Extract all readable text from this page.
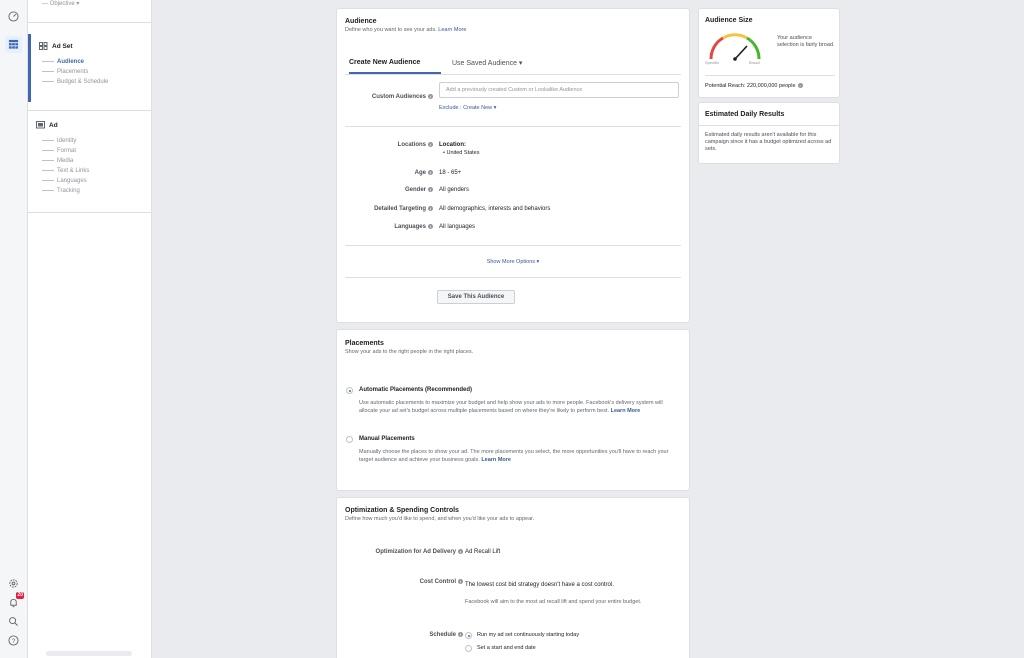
20
?
— Objective ▾
Ad Set
Audience
Placements
Budget & Schedule
Ad
Identity
Format
Media
Text & Links
Languages
Tracking
Audience
Define who you want to see your ads. Learn More
Create New Audience	Use Saved Audience ▾
Custom Audiences i
Add a previously created Custom or Lookalike Audience
Exclude | Create New ▾
Locations i	Location:
• United States
Age i	18 - 65+
Gender i	All genders
Detailed Targeting i	All demographics, interests and behaviors
Languages i	All languages
Show More Options ▾
Save This Audience
Placements
Show your ads to the right people in the right places.
Automatic Placements (Recommended)
Use automatic placements to maximize your budget and help show your ads to more people. Facebook's delivery system will allocate your ad set's budget across multiple placements based on where they're likely to perform best. Learn More
Manual Placements
Manually choose the places to show your ad. The more placements you select, the more opportunities you'll have to reach your target audience and achieve your business goals. Learn More
Optimization & Spending Controls
Define how much you'd like to spend, and when you'd like your ads to appear.
Optimization for Ad Delivery i Ad Recall Lift
Cost Control i
The lowest cost bid strategy doesn't have a cost control.
Facebook will aim to the most ad recall lift and spend your entire budget.
Schedule i	Run my ad set continuously starting today
Set a start and end date
Audience Size
Specific	Broad
Your audience selection is fairly broad.
Potential Reach: 220,000,000 people i
Estimated Daily Results
Estimated daily results aren't available for this campaign since it has a budget optimized across ad sets.
